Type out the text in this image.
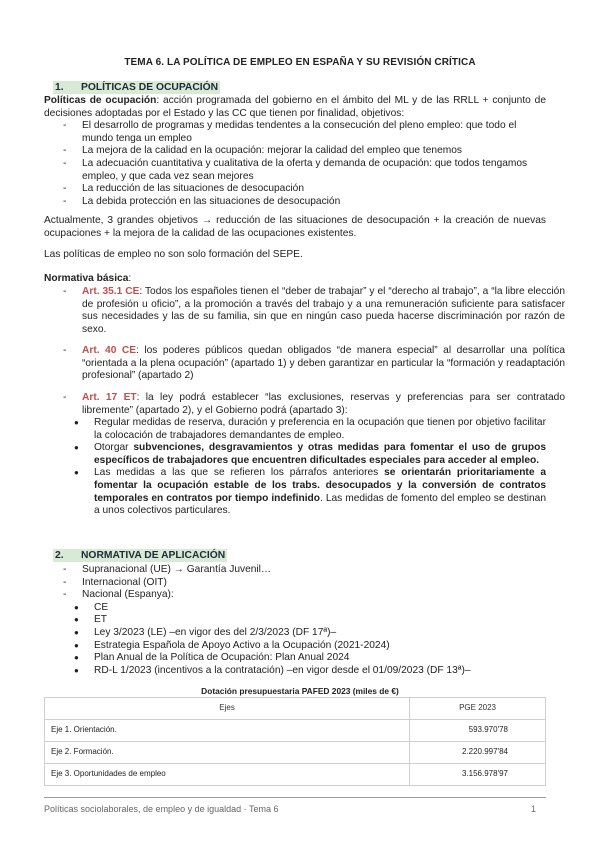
TEMA 6. LA POLÍTICA DE EMPLEO EN ESPAÑA Y SU REVISIÓN CRÍTICA
1. POLÍTICAS DE OCUPACIÓN

Políticas de ocupación: acción programada del gobierno en el ámbito del ML y de las RRLL + conjunto de decisiones adoptadas por el Estado y las CC que tienen por finalidad, objetivos:

- El desarrollo de programas y medidas tendentes a la consecución del pleno empleo: que todo el mundo tenga un empleo
- La mejora de la calidad en la ocupación: mejorar la calidad del empleo que tenemos
- La adecuación cuantitativa y cualitativa de la oferta y demanda de ocupación: que todos tengamos empleo, y que cada vez sean mejores
- La reducción de las situaciones de desocupación
- La debida protección en las situaciones de desocupación

Actualmente, 3 grandes objetivos → reducción de las situaciones de desocupación + la creación de nuevas ocupaciones + la mejora de la calidad de las ocupaciones existentes.

Las políticas de empleo no son solo formación del SEPE.

Normativa básica:

- Art. 35.1 CE: Todos los españoles tienen el “deber de trabajar” y el “derecho al trabajo”, a “la libre elección de profesión u oficio”, a la promoción a través del trabajo y a una remuneración suficiente para satisfacer sus necesidades y las de su familia, sin que en ningún caso pueda hacerse discriminación por razón de sexo.
- Art. 40 CE: los poderes públicos quedan obligados “de manera especial” al desarrollar una política “orientada a la plena ocupación” (apartado 1) y deben garantizar en particular la “formación y readaptación profesional” (apartado 2)
- Art. 17 ET: la ley podrá establecer “las exclusiones, reservas y preferencias para ser contratado libremente” (apartado 2), y el Gobierno podrá (apartado 3):
● Regular medidas de reserva, duración y preferencia en la ocupación que tienen por objetivo facilitar la colocación de trabajadores demandantes de empleo.
● Otorgar subvenciones, desgravamientos y otras medidas para fomentar el uso de grupos específicos de trabajadores que encuentren dificultades especiales para acceder al empleo.
● Las medidas a las que se refieren los párrafos anteriores se orientarán prioritariamente a fomentar la ocupación estable de los trabs. desocupados y la conversión de contratos temporales en contratos por tiempo indefinido. Las medidas de fomento del empleo se destinan a unos colectivos particulares.
2. NORMATIVA DE APLICACIÓN
- Supranacional (UE) → Garantía Juvenil…
- Internacional (OIT)
- Nacional (Espanya):
● CE
● ET
● Ley 3/2023 (LE) –en vigor des del 2/3/2023 (DF 17ª)–
● Estrategia Española de Apoyo Activo a la Ocupación (2021-2024)
● Plan Anual de la Política de Ocupación: Plan Anual 2024
● RD-L 1/2023 (incentivos a la contratación) –en vigor desde el 01/09/2023 (DF 13ª)–
Dotación presupuestaria PAFED 2023 (miles de €)
Ejes	PGE 2023
Eje 1. Orientación.	593.970'78
Eje 2. Formación.	2.220.997'84
Eje 3. Oportunidades de empleo	3.156.978'97
Políticas sociolaborales, de empleo y de igualdad · Tema 6	1
